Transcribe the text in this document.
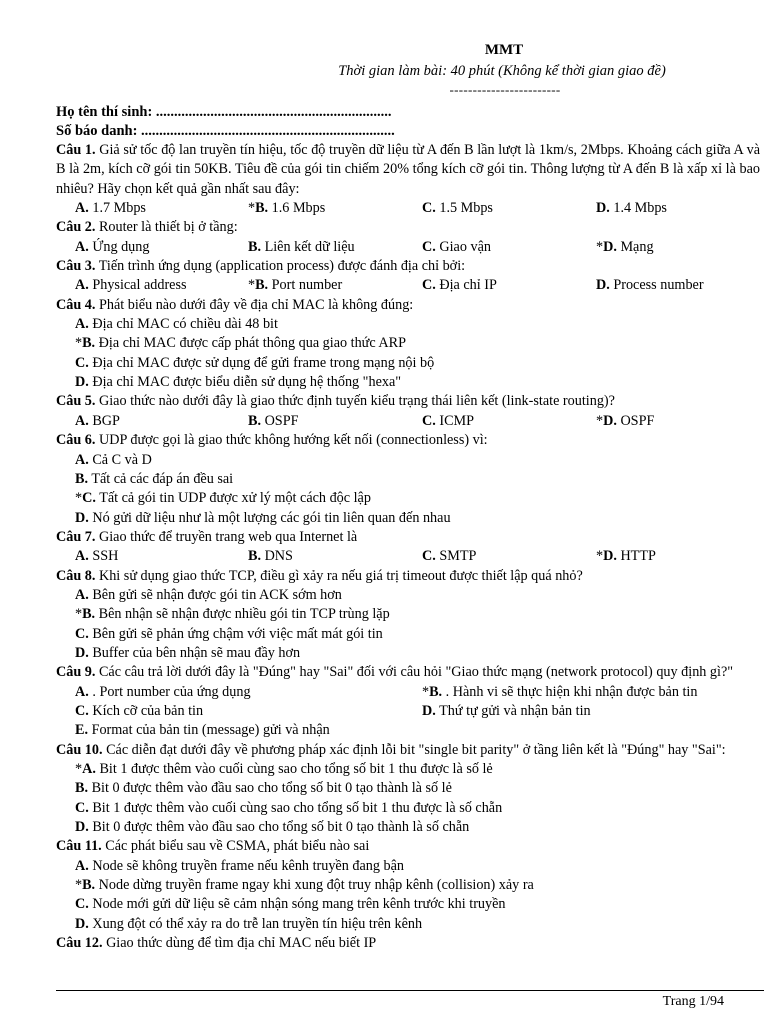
MMT
Thời gian làm bài: 40 phút (Không kể thời gian giao đề)
------------------------
Họ tên thí sinh: .................................................................
Số báo danh: ......................................................................
Câu 1. Giả sử tốc độ lan truyền tín hiệu, tốc độ truyền dữ liệu từ A đến B lần lượt là 1km/s, 2Mbps. Khoảng cách giữa A và B là 2m, kích cỡ gói tin 50KB. Tiêu đề của gói tin chiếm 20% tổng kích cỡ gói tin. Thông lượng từ A đến B là xấp xỉ là bao nhiêu? Hãy chọn kết quả gần nhất sau đây:
A. 1.7 Mbps	*B. 1.6 Mbps	C. 1.5 Mbps	D. 1.4 Mbps
Câu 2. Router là thiết bị ở tầng:
A. Ứng dụng	B. Liên kết dữ liệu	C. Giao vận	*D. Mạng
Câu 3. Tiến trình ứng dụng (application process) được đánh địa chỉ bởi:
A. Physical address	*B. Port number	C. Địa chỉ IP	D. Process number
Câu 4. Phát biểu nào dưới đây về địa chỉ MAC là không đúng:
A. Địa chỉ MAC có chiều dài 48 bit
*B. Địa chỉ MAC được cấp phát thông qua giao thức ARP
C. Địa chỉ MAC được sử dụng để gửi frame trong mạng nội bộ
D. Địa chỉ MAC được biểu diễn sử dụng hệ thống "hexa"
Câu 5. Giao thức nào dưới đây là giao thức định tuyến kiểu trạng thái liên kết (link-state routing)?
A. BGP	B. OSPF	C. ICMP	*D. OSPF
Câu 6. UDP được gọi là giao thức không hướng kết nối (connectionless) vì:
A. Cả C và D
B. Tất cả các đáp án đều sai
*C. Tất cả gói tin UDP được xử lý một cách độc lập
D. Nó gửi dữ liệu như là một lượng các gói tin liên quan đến nhau
Câu 7. Giao thức để truyền trang web qua Internet là
A. SSH	B. DNS	C. SMTP	*D. HTTP
Câu 8. Khi sử dụng giao thức TCP, điều gì xảy ra nếu giá trị timeout được thiết lập quá nhỏ?
A. Bên gửi sẽ nhận được gói tin ACK sớm hơn
*B. Bên nhận sẽ nhận được nhiều gói tin TCP trùng lặp
C. Bên gửi sẽ phản ứng chậm với việc mất mát gói tin
D. Buffer của bên nhận sẽ mau đầy hơn
Câu 9. Các câu trả lời dưới đây là "Đúng" hay "Sai" đối với câu hỏi "Giao thức mạng (network protocol) quy định gì?"
A. . Port number của ứng dụng	*B. . Hành vi sẽ thực hiện khi nhận được bản tin
C. Kích cỡ của bản tin	D. Thứ tự gửi và nhận bản tin
E. Format của bản tin (message) gửi và nhận
Câu 10. Các diễn đạt dưới đây về phương pháp xác định lỗi bit "single bit parity" ở tầng liên kết là "Đúng" hay "Sai":
*A. Bit 1 được thêm vào cuối cùng sao cho tổng số bit 1 thu được là số lẻ
B. Bit 0 được thêm vào đầu sao cho tổng số bit 0 tạo thành là số lẻ
C. Bit 1 được thêm vào cuối cùng sao cho tổng số bit 1 thu được là số chẵn
D. Bit 0 được thêm vào đầu sao cho tổng số bit 0 tạo thành là số chẵn
Câu 11. Các phát biểu sau về CSMA, phát biểu nào sai
A. Node sẽ không truyền frame nếu kênh truyền đang bận
*B. Node dừng truyền frame ngay khi xung đột truy nhập kênh (collision) xảy ra
C. Node mới gửi dữ liệu sẽ cảm nhận sóng mang trên kênh trước khi truyền
D. Xung đột có thể xảy ra do trễ lan truyền tín hiệu trên kênh
Câu 12. Giao thức dùng để tìm địa chỉ MAC nếu biết IP
Trang 1/94
